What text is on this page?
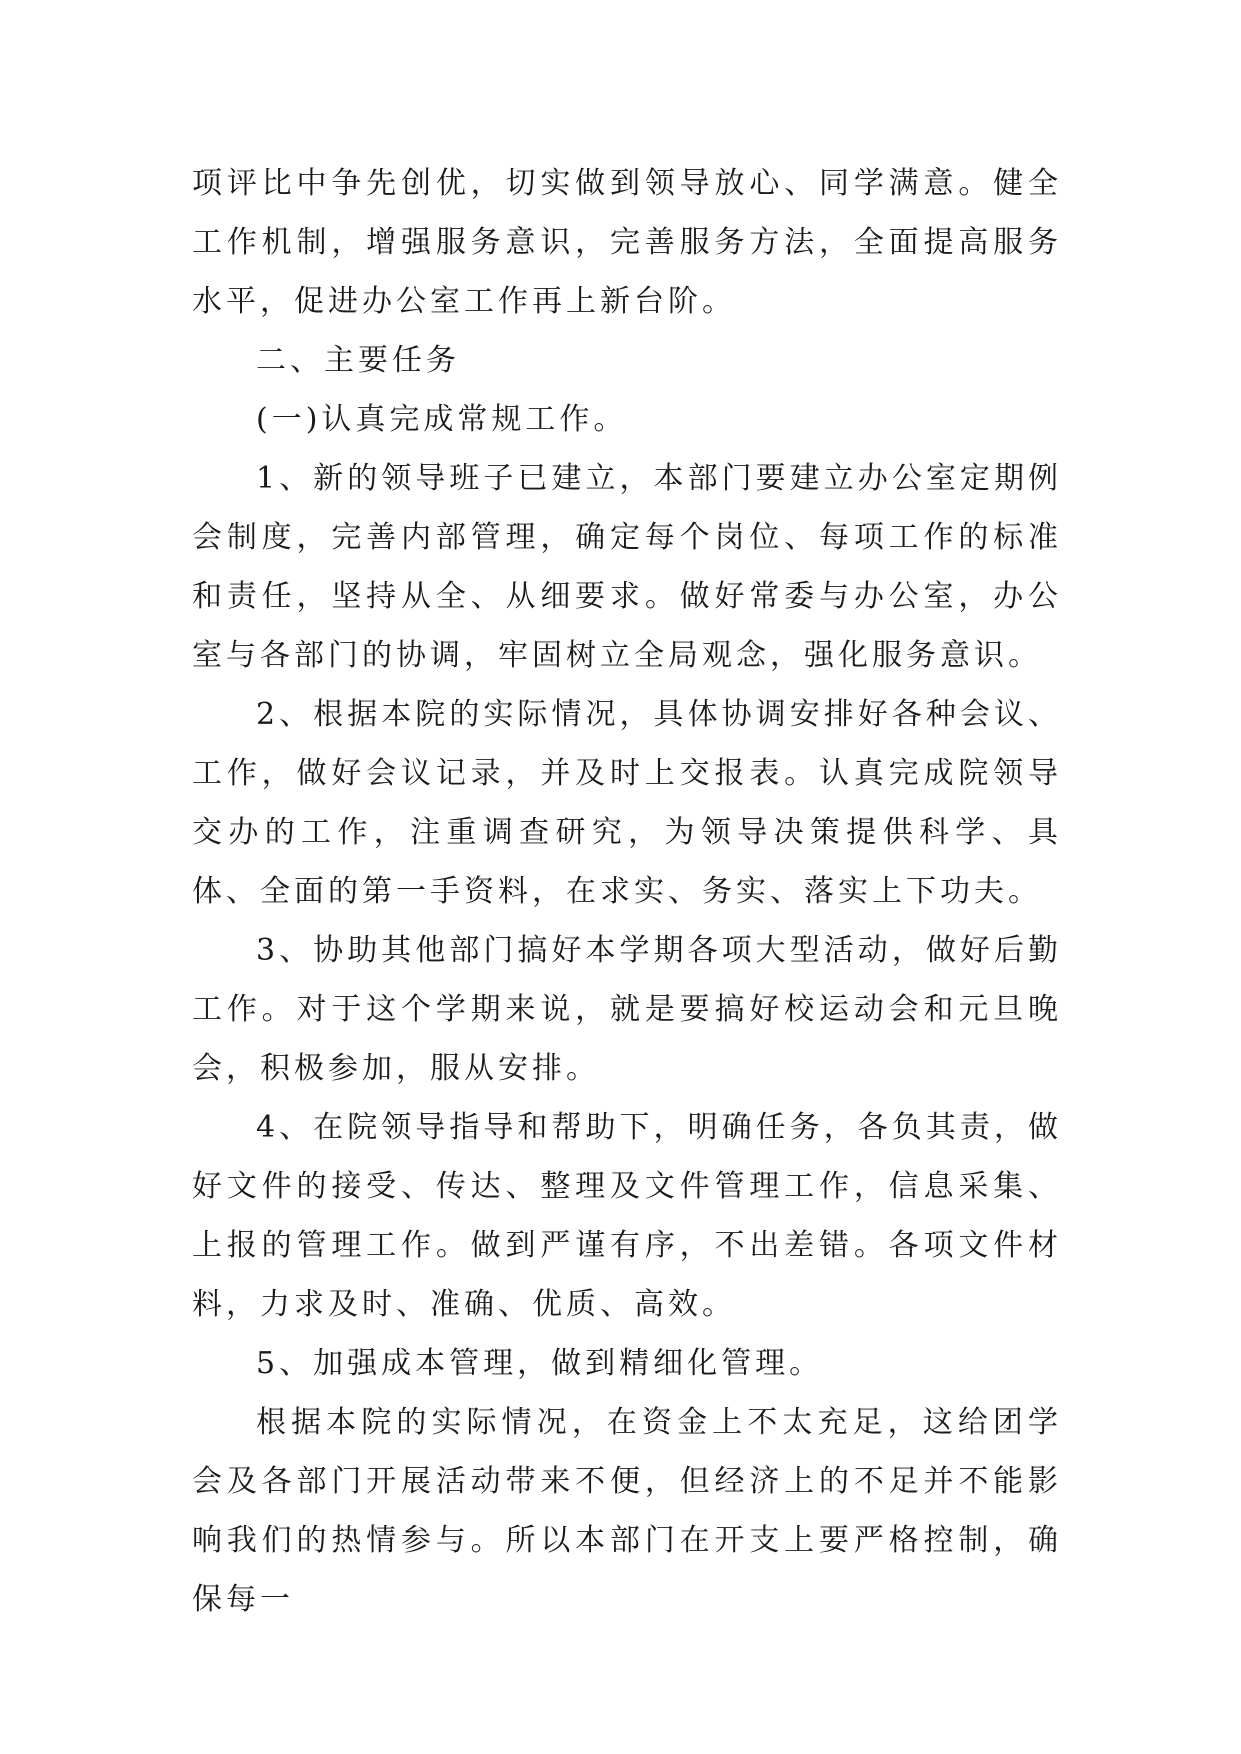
项评比中争先创优，切实做到领导放心、同学满意。健全工作机制，增强服务意识，完善服务方法，全面提高服务水平，促进办公室工作再上新台阶。

二、主要任务

(一)认真完成常规工作。

1、新的领导班子已建立，本部门要建立办公室定期例会制度，完善内部管理，确定每个岗位、每项工作的标准和责任，坚持从全、从细要求。做好常委与办公室，办公室与各部门的协调，牢固树立全局观念，强化服务意识。

2、根据本院的实际情况，具体协调安排好各种会议、工作，做好会议记录，并及时上交报表。认真完成院领导交办的工作，注重调查研究，为领导决策提供科学、具体、全面的第一手资料，在求实、务实、落实上下功夫。

3、协助其他部门搞好本学期各项大型活动，做好后勤工作。对于这个学期来说，就是要搞好校运动会和元旦晚会，积极参加，服从安排。

4、在院领导指导和帮助下，明确任务，各负其责，做好文件的接受、传达、整理及文件管理工作，信息采集、上报的管理工作。做到严谨有序，不出差错。各项文件材料，力求及时、准确、优质、高效。

5、加强成本管理，做到精细化管理。

根据本院的实际情况，在资金上不太充足，这给团学会及各部门开展活动带来不便，但经济上的不足并不能影响我们的热情参与。所以本部门在开支上要严格控制，确保每一
